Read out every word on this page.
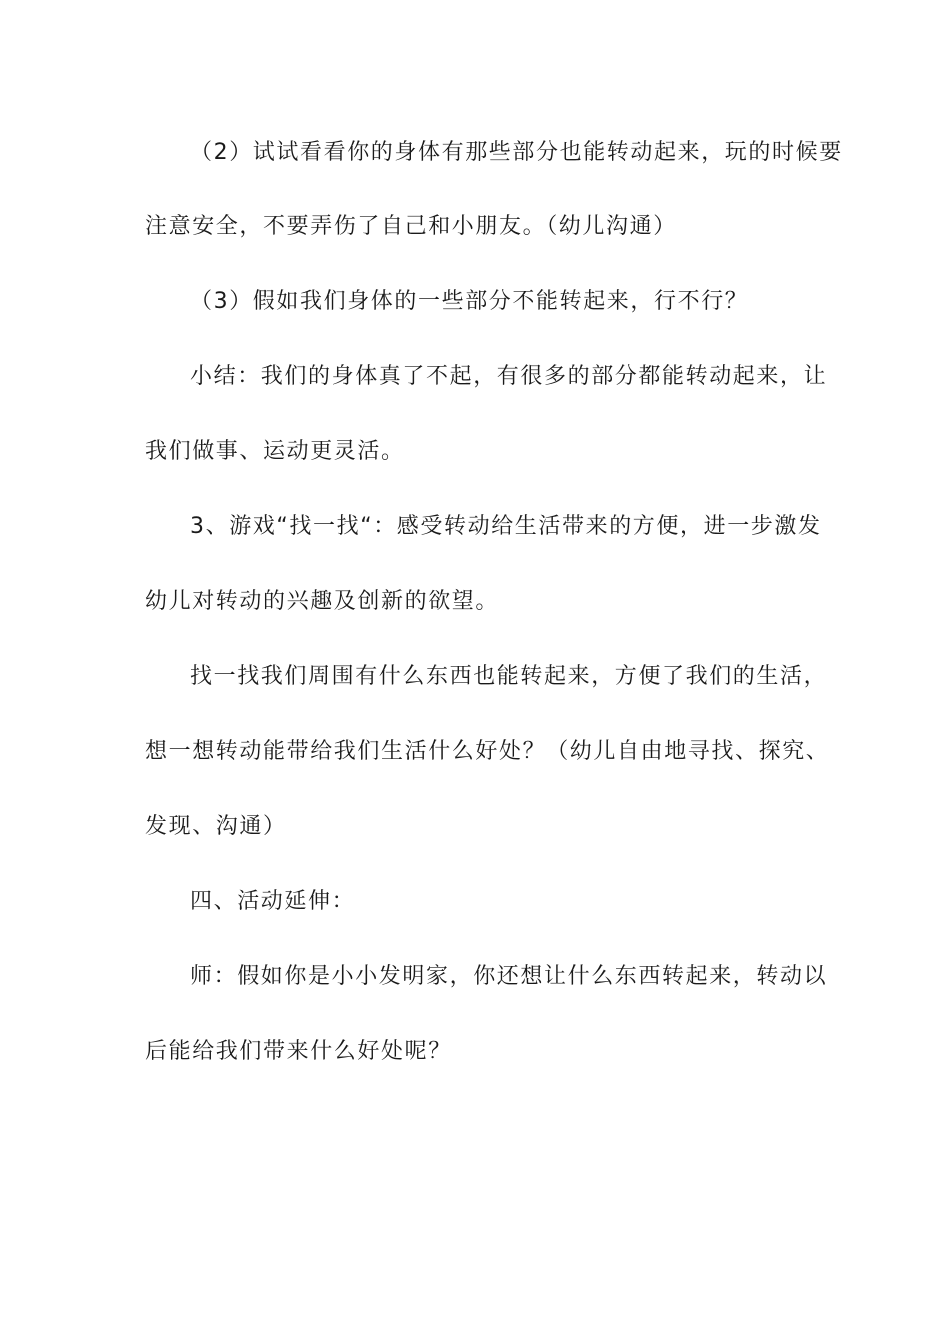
（2）试试看看你的身体有那些部分也能转动起来，玩的时候要
注意安全，不要弄伤了自己和小朋友。（幼儿沟通）
（3）假如我们身体的一些部分不能转起来，行不行？
小结：我们的身体真了不起，有很多的部分都能转动起来，让
我们做事、运动更灵活。
3、游戏“找一找“：感受转动给生活带来的方便，进一步激发
幼儿对转动的兴趣及创新的欲望。
找一找我们周围有什么东西也能转起来，方便了我们的生活，
想一想转动能带给我们生活什么好处？（幼儿自由地寻找、探究、
发现、沟通）
四、活动延伸：
师：假如你是小小发明家，你还想让什么东西转起来，转动以
后能给我们带来什么好处呢？
